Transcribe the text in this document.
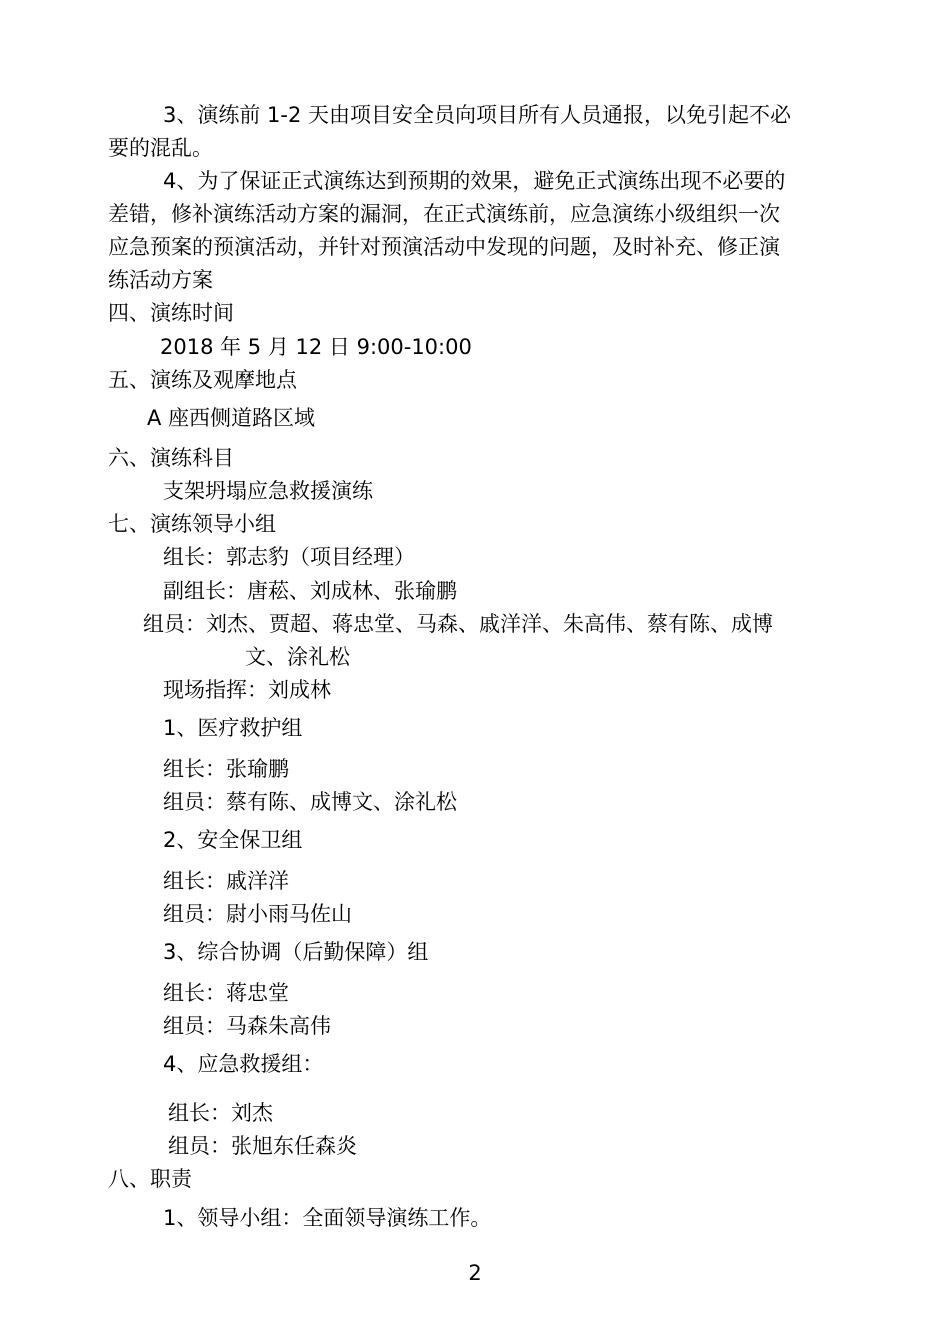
3、演练前 1-2 天由项目安全员向项目所有人员通报，以免引起不必
要的混乱。
4、为了保证正式演练达到预期的效果，避免正式演练出现不必要的
差错，修补演练活动方案的漏洞，在正式演练前，应急演练小级组织一次
应急预案的预演活动，并针对预演活动中发现的问题，及时补充、修正演
练活动方案
四、演练时间
2018 年 5 月 12 日 9:00-10:00
五、演练及观摩地点
A 座西侧道路区域
六、演练科目
支架坍塌应急救援演练
七、演练领导小组
组长：郭志豹（项目经理）
副组长：唐菘、刘成林、张瑜鹏
组员：刘杰、贾超、蒋忠堂、马森、戚洋洋、朱高伟、蔡有陈、成博
文、涂礼松
现场指挥：刘成林
1、医疗救护组
组长：张瑜鹏
组员：蔡有陈、成博文、涂礼松
2、安全保卫组
组长：戚洋洋
组员：尉小雨马佐山
3、综合协调（后勤保障）组
组长：蒋忠堂
组员：马森朱高伟
4、应急救援组：
组长：刘杰
组员：张旭东任森炎
八、职责
1、领导小组：全面领导演练工作。
2
